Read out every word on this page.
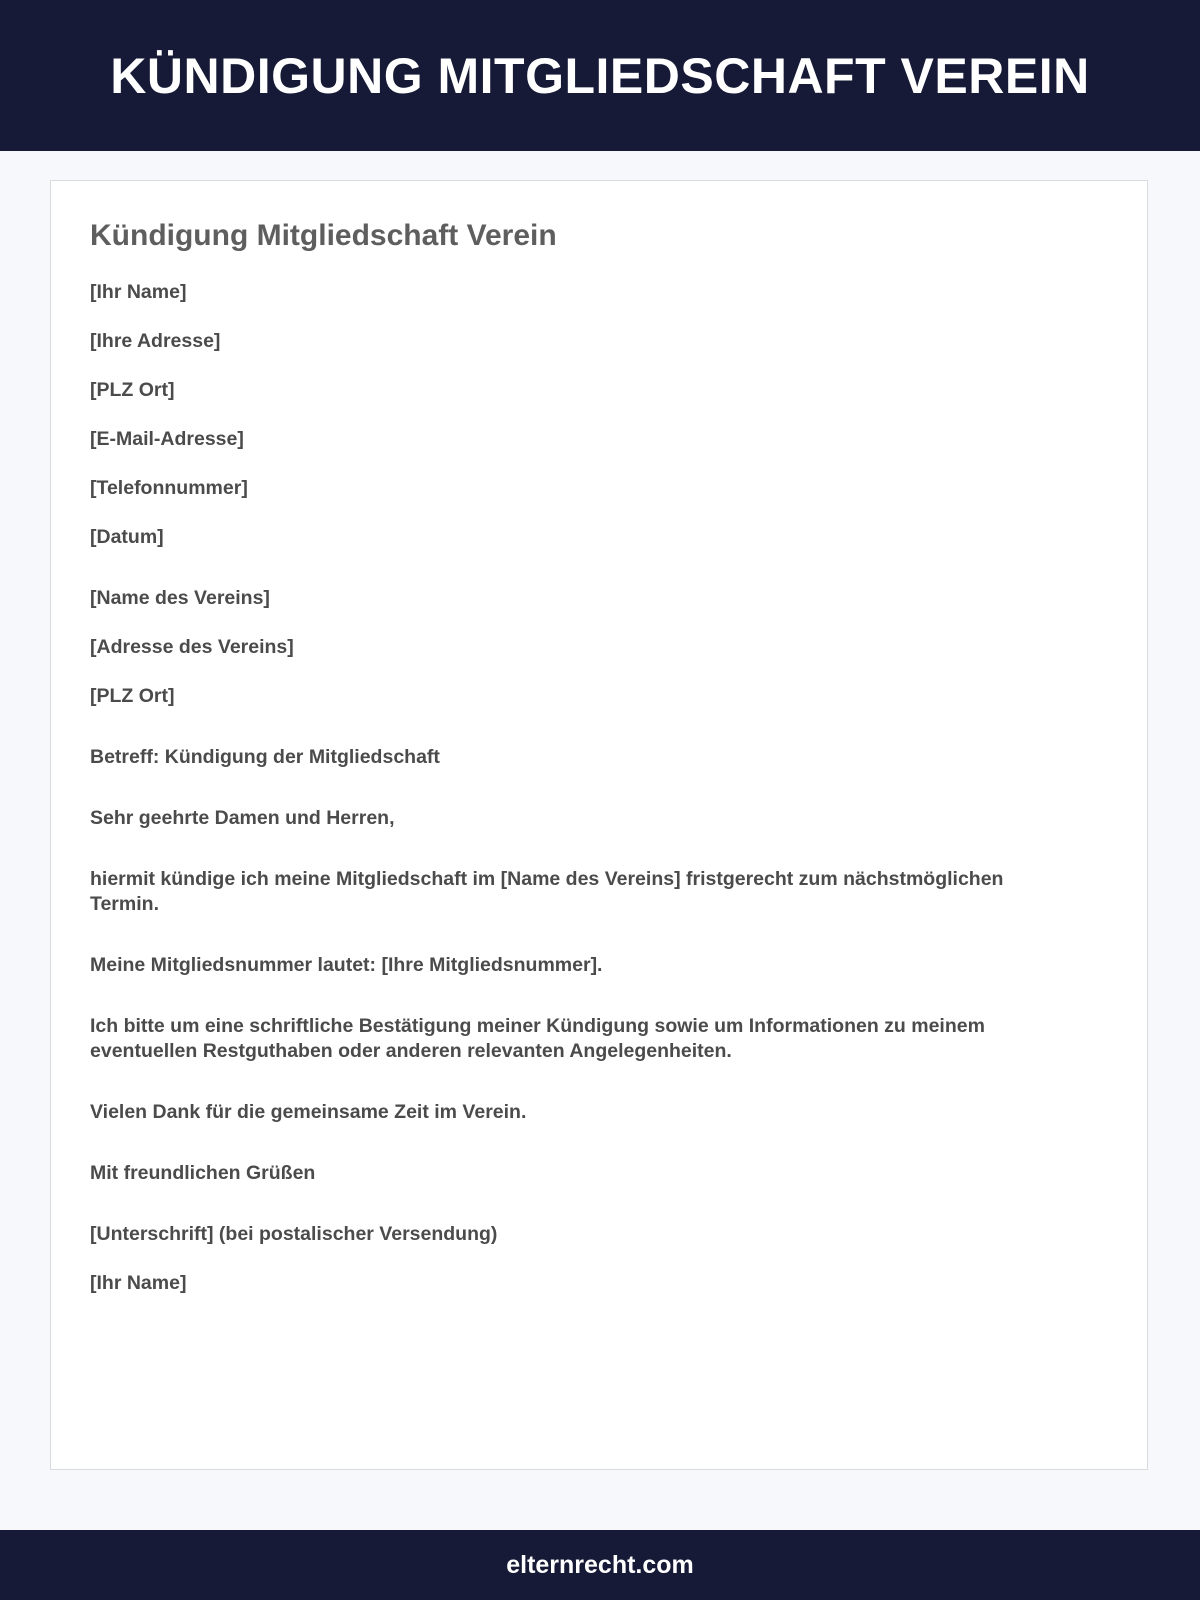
KÜNDIGUNG MITGLIEDSCHAFT VEREIN
Kündigung Mitgliedschaft Verein

[Ihr Name]

[Ihre Adresse]

[PLZ Ort]

[E-Mail-Adresse]

[Telefonnummer]

[Datum]

[Name des Vereins]

[Adresse des Vereins]

[PLZ Ort]

Betreff: Kündigung der Mitgliedschaft

Sehr geehrte Damen und Herren,

hiermit kündige ich meine Mitgliedschaft im [Name des Vereins] fristgerecht zum nächstmöglichen Termin.

Meine Mitgliedsnummer lautet: [Ihre Mitgliedsnummer].

Ich bitte um eine schriftliche Bestätigung meiner Kündigung sowie um Informationen zu meinem eventuellen Restguthaben oder anderen relevanten Angelegenheiten.

Vielen Dank für die gemeinsame Zeit im Verein.

Mit freundlichen Grüßen

[Unterschrift] (bei postalischer Versendung)

[Ihr Name]

elternrecht.com
